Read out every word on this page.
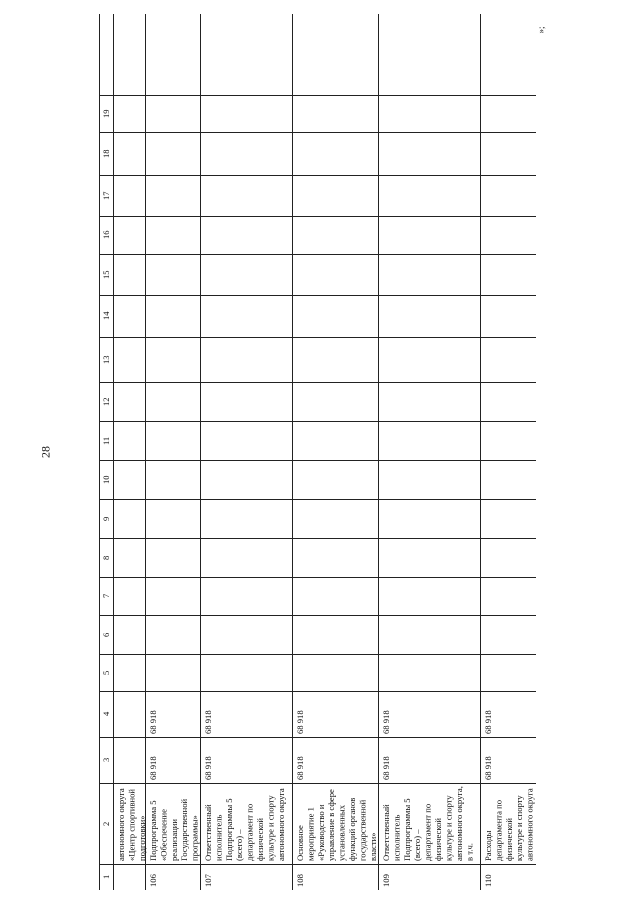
28
»;
1
2
3
4
5
6
7
8
9
10
11
12
13
14
15
16
17
18
19
автономного округа
«Центр спортивной
подготовки»
106
Подпрограмма 5
«Обеспечение
реализации
Государственной
программы»
68 918
68 918
107
Ответственный
исполнитель
Подпрограммы 5
(всего) –
департамент по
физической
культуре и спорту
автономного округа
68 918
68 918
108
Основное
мероприятие 1
«Руководство и
управление в сфере
установленных
функций органов
государственной
власти»
68 918
68 918
109
Ответственный
исполнитель
Подпрограммы 5
(всего) –
департамент по
физической
культуре и спорту
автономного округа,
в т.ч.
68 918
68 918
110
Расходы
департамента по
физической
культуре и спорту
автономного округа
68 918
68 918
